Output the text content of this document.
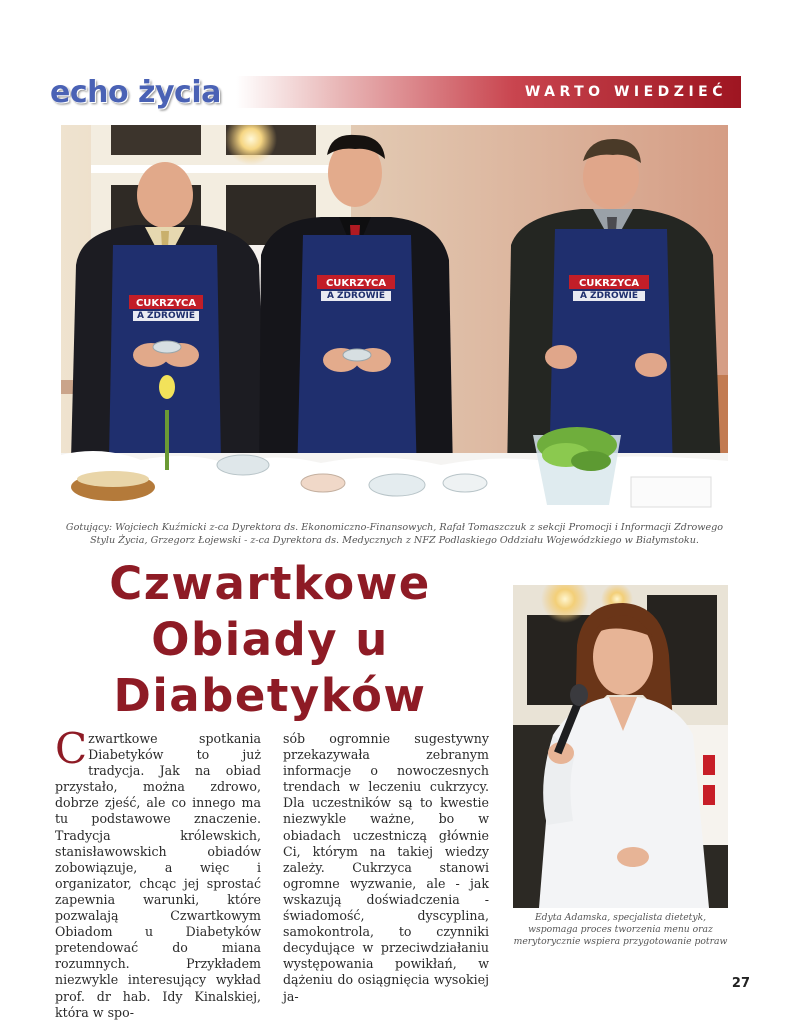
echo życia	WARTO WIEDZIEĆ
CUKRZYCA
A ZDROWIE
CUKRZYCA
A ZDROWIE
CUKRZYCA
A ZDROWIE
Gotujący: Wojciech Kuźmicki z-ca Dyrektora ds. Ekonomiczno-Finansowych, Rafał Tomaszczuk z sekcji Promocji i Informacji Zdrowego Stylu Życia, Grzegorz Łojewski - z-ca Dyrektora ds. Medycznych z NFZ Podlaskiego Oddziału Wojewódzkiego w Białymstoku.
Czwartkowe Obiady u Diabetyków
Czwartkowe spotkania Diabetyków to już tradycja. Jak na obiad przystało, można zdrowo, dobrze zjeść, ale co innego ma tu podstawowe znaczenie. Tradycja królewskich, stanisławowskich obiadów zobowiązuje, a więc i organizator, chcąc jej sprostać zapewnia warunki, które pozwalają Czwartkowym Obiadom u Diabetyków pretendować do miana rozumnych. Przykładem niezwykle interesujący wykład prof. dr hab. Idy Kinalskiej, która w spo-
sób ogromnie sugestywny przekazywała zebranym informacje o nowoczesnych trendach w leczeniu cukrzycy. Dla uczestników są to kwestie niezwykle ważne, bo w obiadach uczestniczą głównie Ci, którym na takiej wiedzy zależy. Cukrzyca stanowi ogromne wyzwanie, ale - jak wskazują doświadczenia - świadomość, dyscyplina, samokontrola, to czynniki decydujące w przeciwdziałaniu występowania powikłań, w dążeniu do osiągnięcia wysokiej ja-
Edyta Adamska, specjalista dietetyk, wspomaga proces tworzenia menu oraz merytorycznie wspiera przygotowanie potraw
27
